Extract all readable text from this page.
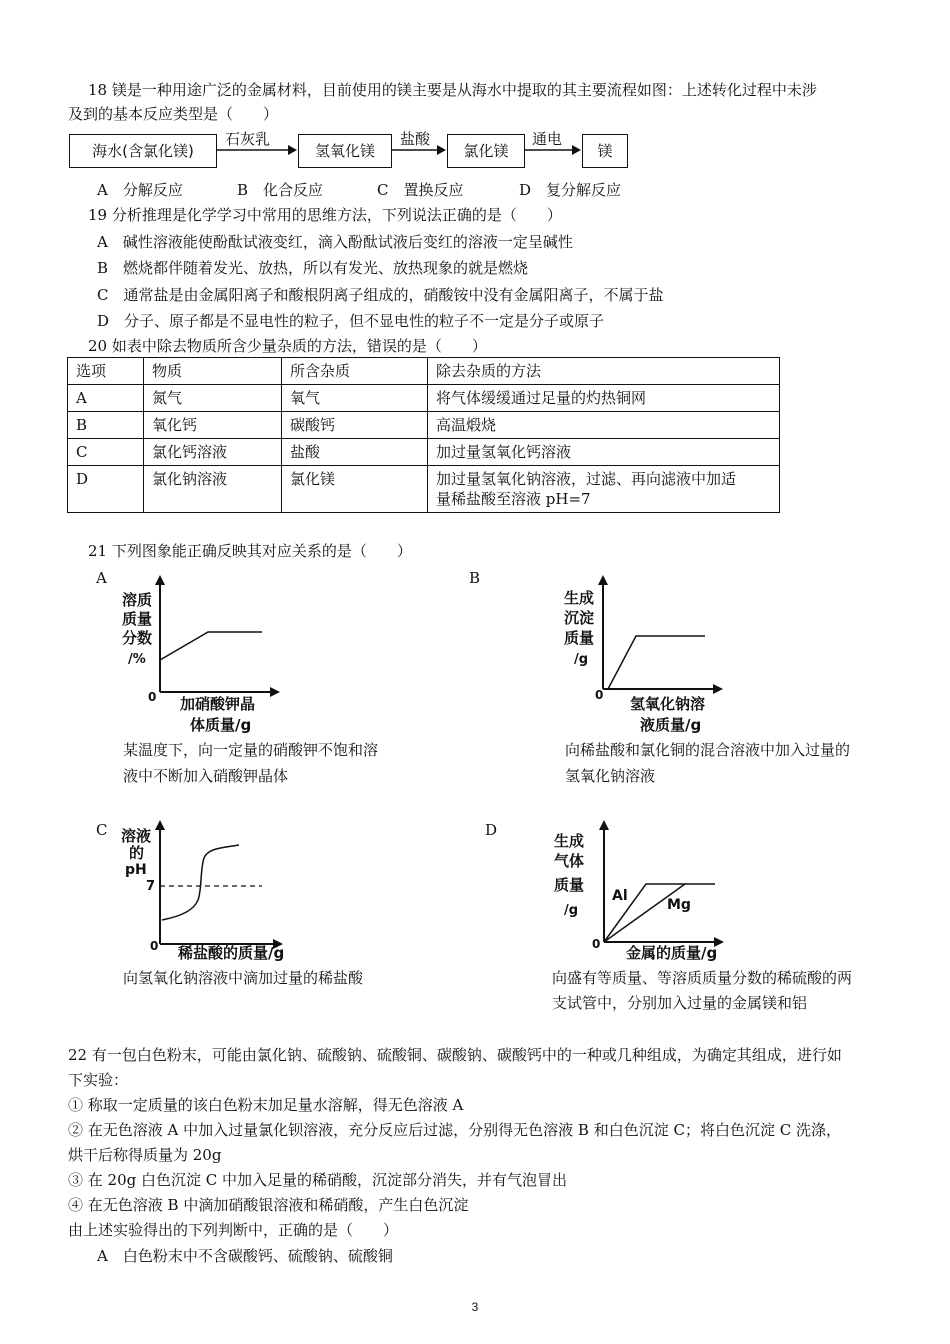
18 镁是一种用途广泛的金属材料，目前使用的镁主要是从海水中提取的其主要流程如图：上述转化过程中未涉
及到的基本反应类型是（　　）
海水(含氯化镁)
石灰乳
氢氧化镁
盐酸
氯化镁
通电
镁
A　分解反应	B　化合反应	C　置换反应	D　复分解反应
19 分析推理是化学学习中常用的思维方法，下列说法正确的是（　　）
A　碱性溶液能使酚酞试液变红，滴入酚酞试液后变红的溶液一定呈碱性
B　燃烧都伴随着发光、放热，所以有发光、放热现象的就是燃烧
C　通常盐是由金属阳离子和酸根阴离子组成的，硝酸铵中没有金属阳离子，不属于盐
D　分子、原子都是不显电性的粒子，但不显电性的粒子不一定是分子或原子
20 如表中除去物质所含少量杂质的方法，错误的是（　　）
选项	物质	所含杂质	除去杂质的方法
A	氮气	氧气	将气体缓缓通过足量的灼热铜网
B	氧化钙	碳酸钙	高温煅烧
C	氯化钙溶液	盐酸	加过量氢氧化钙溶液
D	氯化钠溶液	氯化镁	加过量氢氧化钠溶液，过滤、再向滤液中加适
量稀盐酸至溶液 pH=7
21 下列图象能正确反映其对应关系的是（　　）
A
溶质
质量
分数
/%
0 加硝酸钾晶
体质量/g
某温度下，向一定量的硝酸钾不饱和溶
液中不断加入硝酸钾晶体
B
生成
沉淀
质量
/g
0 氢氧化钠溶
液质量/g
向稀盐酸和氯化铜的混合溶液中加入过量的
氢氧化钠溶液
C 溶液
的
pH
7
0 稀盐酸的质量/g
向氢氧化钠溶液中滴加过量的稀盐酸
D
生成
气体
质量
/g
Al
Mg
0 金属的质量/g
向盛有等质量、等溶质质量分数的稀硫酸的两
支试管中，分别加入过量的金属镁和铝
22 有一包白色粉末，可能由氯化钠、硫酸钠、硫酸铜、碳酸钠、碳酸钙中的一种或几种组成，为确定其组成，进行如
下实验：
① 称取一定质量的该白色粉末加足量水溶解，得无色溶液 A
② 在无色溶液 A 中加入过量氯化钡溶液，充分反应后过滤，分别得无色溶液 B 和白色沉淀 C；将白色沉淀 C 洗涤，
烘干后称得质量为 20g
③ 在 20g 白色沉淀 C 中加入足量的稀硝酸，沉淀部分消失，并有气泡冒出
④ 在无色溶液 B 中滴加硝酸银溶液和稀硝酸，产生白色沉淀
由上述实验得出的下列判断中，正确的是（　　）
A　白色粉末中不含碳酸钙、硫酸钠、硫酸铜
3
